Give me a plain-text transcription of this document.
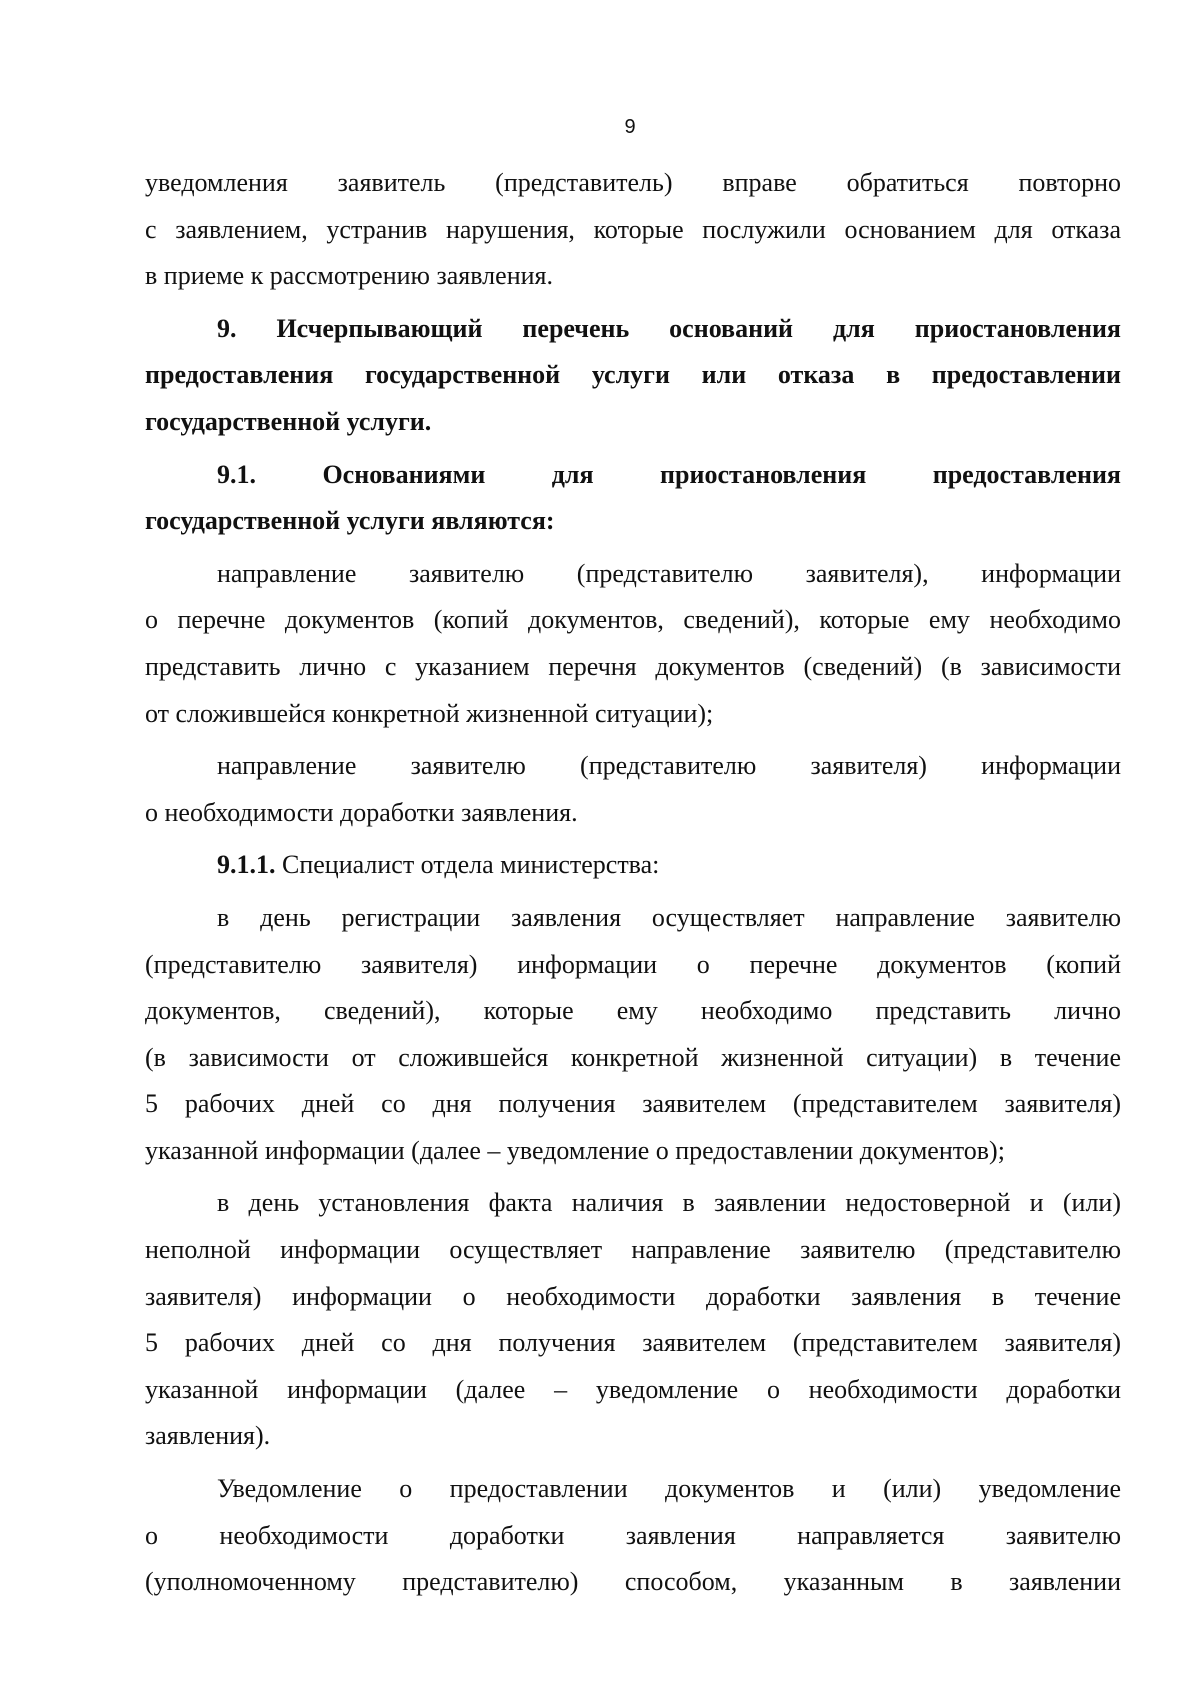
9
уведомления заявитель (представитель) вправе обратиться повторно
с заявлением, устранив нарушения, которые послужили основанием для отказа
в приеме к рассмотрению заявления.
9. Исчерпывающий перечень оснований для приостановления
предоставления государственной услуги или отказа в предоставлении
государственной услуги.
9.1. Основаниями для приостановления предоставления
государственной услуги являются:
направление заявителю (представителю заявителя), информации
о перечне документов (копий документов, сведений), которые ему необходимо
представить лично с указанием перечня документов (сведений) (в зависимости
от сложившейся конкретной жизненной ситуации);
направление заявителю (представителю заявителя) информации
о необходимости доработки заявления.
9.1.1. Специалист отдела министерства:
в день регистрации заявления осуществляет направление заявителю
(представителю заявителя) информации о перечне документов (копий
документов, сведений), которые ему необходимо представить лично
(в зависимости от сложившейся конкретной жизненной ситуации) в течение
5 рабочих дней со дня получения заявителем (представителем заявителя)
указанной информации (далее – уведомление о предоставлении документов);
в день установления факта наличия в заявлении недостоверной и (или)
неполной информации осуществляет направление заявителю (представителю
заявителя) информации о необходимости доработки заявления в течение
5 рабочих дней со дня получения заявителем (представителем заявителя)
указанной информации (далее – уведомление о необходимости доработки
заявления).
Уведомление о предоставлении документов и (или) уведомление
о необходимости доработки заявления направляется заявителю
(уполномоченному представителю) способом, указанным в заявлении
